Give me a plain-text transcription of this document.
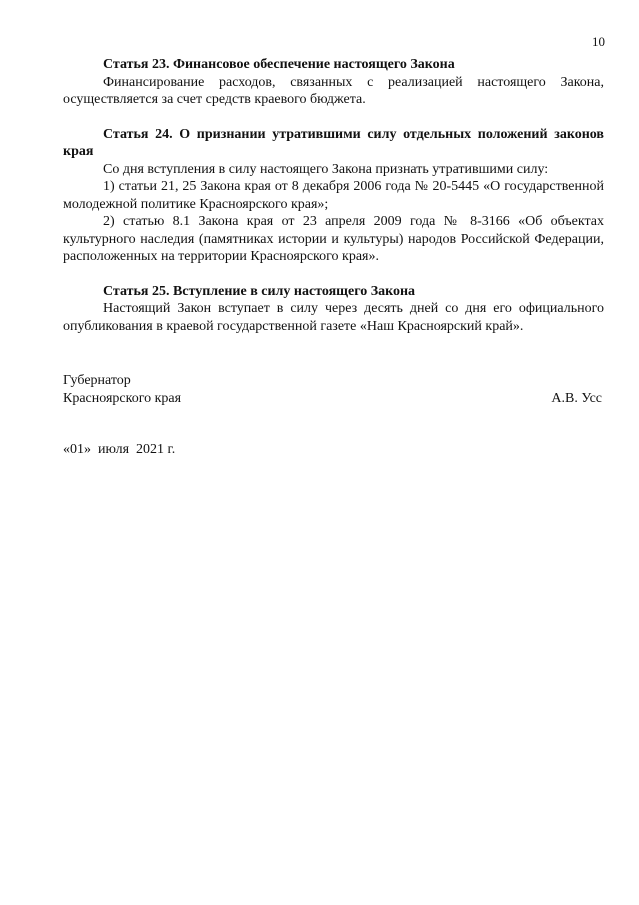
10

Статья 23. Финансовое обеспечение настоящего Закона

Финансирование расходов, связанных с реализацией настоящего Закона, осуществляется за счет средств краевого бюджета.

Статья 24. О признании утратившими силу отдельных положений законов края

Со дня вступления в силу настоящего Закона признать утратившими силу:

1) статьи 21, 25 Закона края от 8 декабря 2006 года № 20-5445 «О государственной молодежной политике Красноярского края»;

2) статью 8.1 Закона края от 23 апреля 2009 года № 8-3166 «Об объектах культурного наследия (памятниках истории и культуры) народов Российской Федерации, расположенных на территории Красноярского края».

Статья 25. Вступление в силу настоящего Закона

Настоящий Закон вступает в силу через десять дней со дня его официального опубликования в краевой государственной газете «Наш Красноярский край».

Губернатор
Красноярского края	А.В. Усс
«01»  июля  2021 г.
